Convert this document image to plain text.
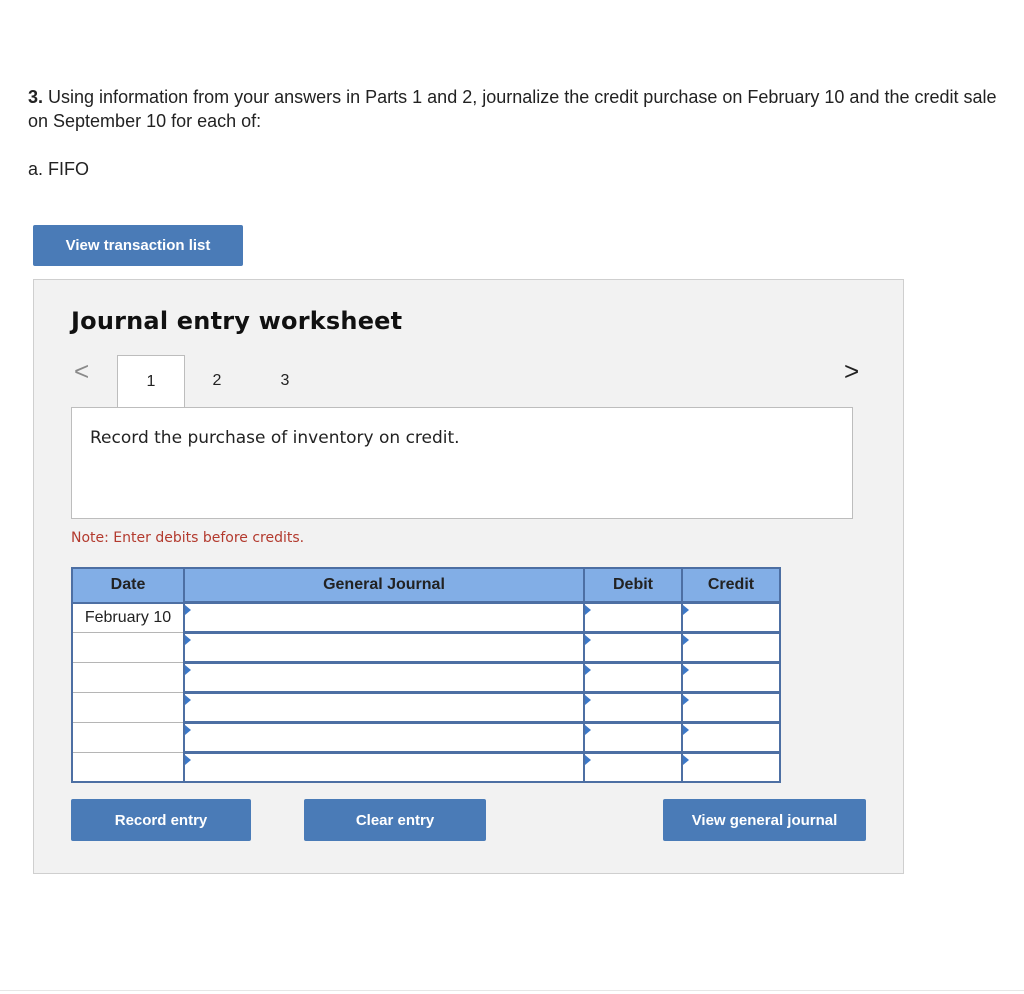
3. Using information from your answers in Parts 1 and 2, journalize the credit purchase on February 10 and the credit sale on September 10 for each of:
a. FIFO
View transaction list
Journal entry worksheet
<	1	2	3	>
Record the purchase of inventory on credit.
Note: Enter debits before credits.
Date	General Journal	Debit	Credit
February 10			

Record entry	Clear entry	View general journal
